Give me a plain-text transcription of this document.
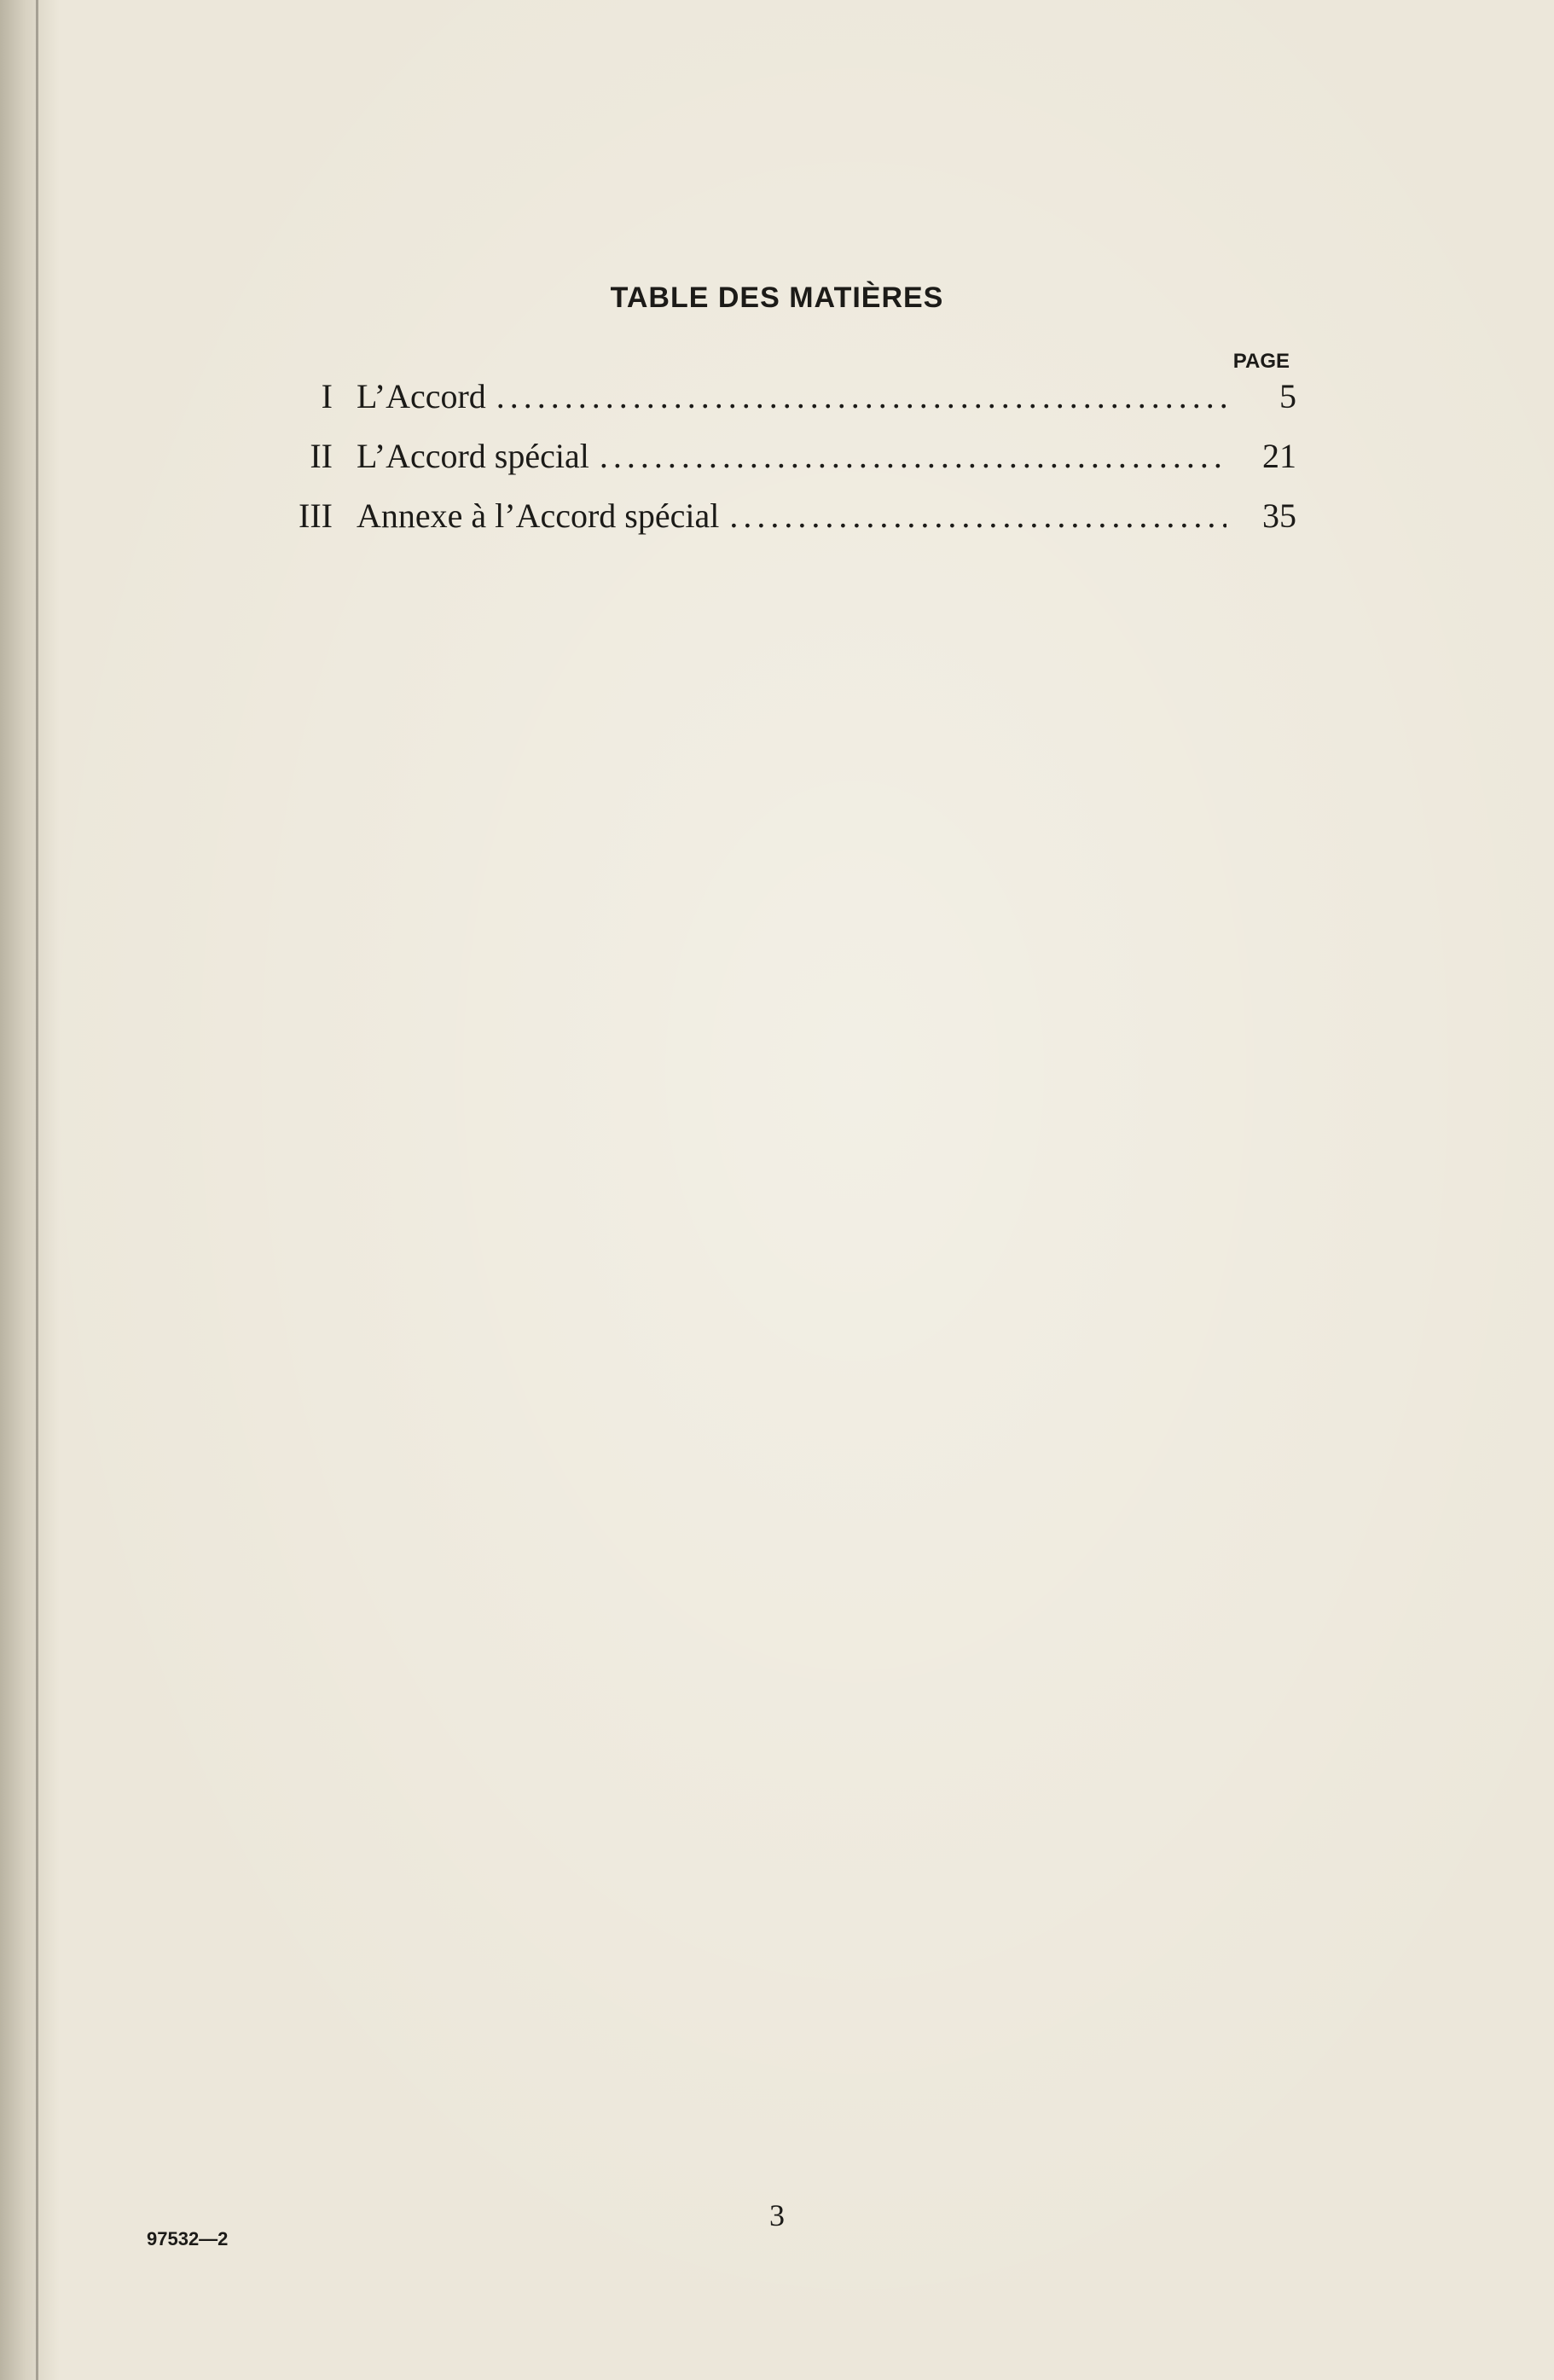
TABLE DES MATIÈRES
PAGE
I L’Accord .....	5
II L’Accord spécial .....	21
III Annexe à l’Accord spécial .....	35
3
97532—2
